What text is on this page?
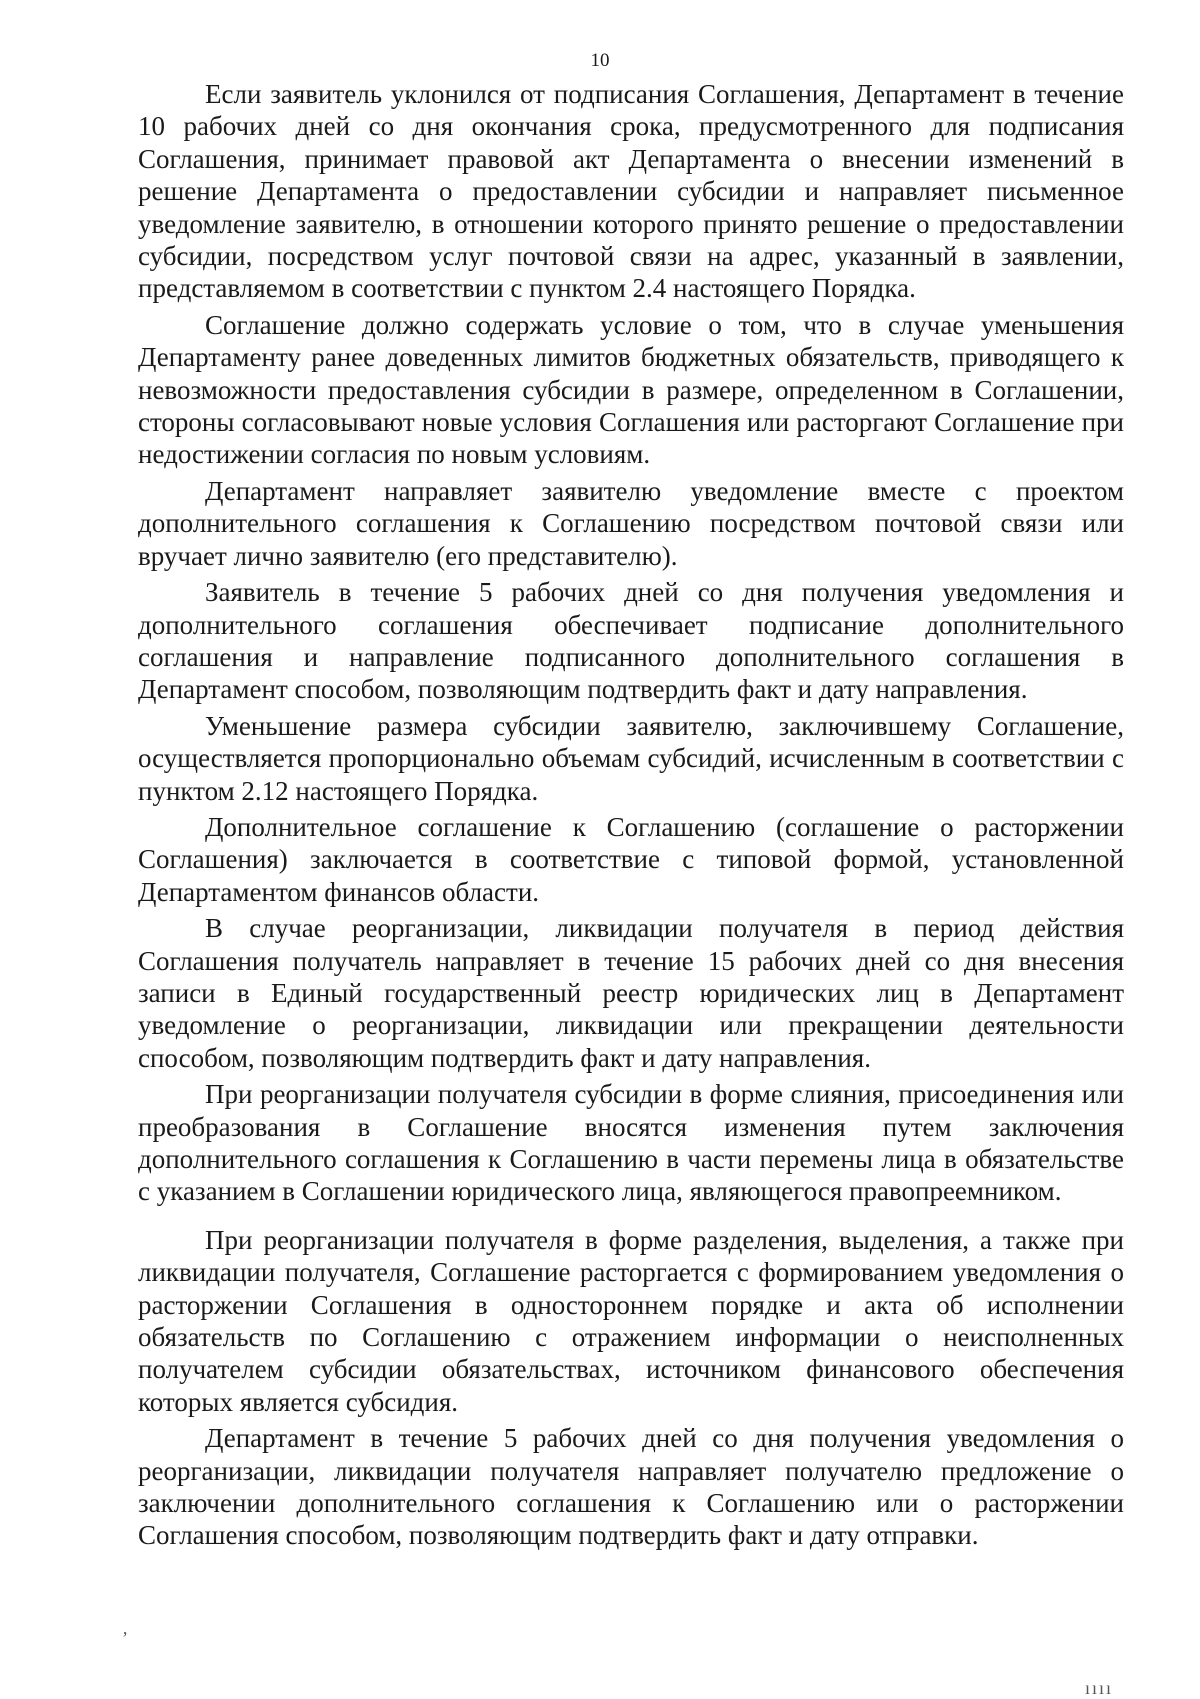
10

Если заявитель уклонился от подписания Соглашения, Департамент в течение 10 рабочих дней со дня окончания срока, предусмотренного для подписания Соглашения, принимает правовой акт Департамента о внесении изменений в решение Департамента о предоставлении субсидии и направляет письменное уведомление заявителю, в отношении которого принято решение о предоставлении субсидии, посредством услуг почтовой связи на адрес, указанный в заявлении, представляемом в соответствии с пунктом 2.4 настоящего Порядка.

Соглашение должно содержать условие о том, что в случае уменьшения Департаменту ранее доведенных лимитов бюджетных обязательств, приводящего к невозможности предоставления субсидии в размере, определенном в Соглашении, стороны согласовывают новые условия Соглашения или расторгают Соглашение при недостижении согласия по новым условиям.

Департамент направляет заявителю уведомление вместе с проектом дополнительного соглашения к Соглашению посредством почтовой связи или вручает лично заявителю (его представителю).

Заявитель в течение 5 рабочих дней со дня получения уведомления и дополнительного соглашения обеспечивает подписание дополнительного соглашения и направление подписанного дополнительного соглашения в Департамент способом, позволяющим подтвердить факт и дату направления.

Уменьшение размера субсидии заявителю, заключившему Соглашение, осуществляется пропорционально объемам субсидий, исчисленным в соответствии с пунктом 2.12 настоящего Порядка.

Дополнительное соглашение к Соглашению (соглашение о расторжении Соглашения) заключается в соответствие с типовой формой, установленной Департаментом финансов области.

В случае реорганизации, ликвидации получателя в период действия Соглашения получатель направляет в течение 15 рабочих дней со дня внесения записи в Единый государственный реестр юридических лиц в Департамент уведомление о реорганизации, ликвидации или прекращении деятельности способом, позволяющим подтвердить факт и дату направления.

При реорганизации получателя субсидии в форме слияния, присоединения или преобразования в Соглашение вносятся изменения путем заключения дополнительного соглашения к Соглашению в части перемены лица в обязательстве с указанием в Соглашении юридического лица, являющегося правопреемником.

При реорганизации получателя в форме разделения, выделения, а также при ликвидации получателя, Соглашение расторгается с формированием уведомления о расторжении Соглашения в одностороннем порядке и акта об исполнении обязательств по Соглашению с отражением информации о неисполненных получателем субсидии обязательствах, источником финансового обеспечения которых является субсидия.

Департамент в течение 5 рабочих дней со дня получения уведомления о реорганизации, ликвидации получателя направляет получателю предложение о заключении дополнительного соглашения к Соглашению или о расторжении Соглашения способом, позволяющим подтвердить факт и дату отправки.

ʼ
ıııı
